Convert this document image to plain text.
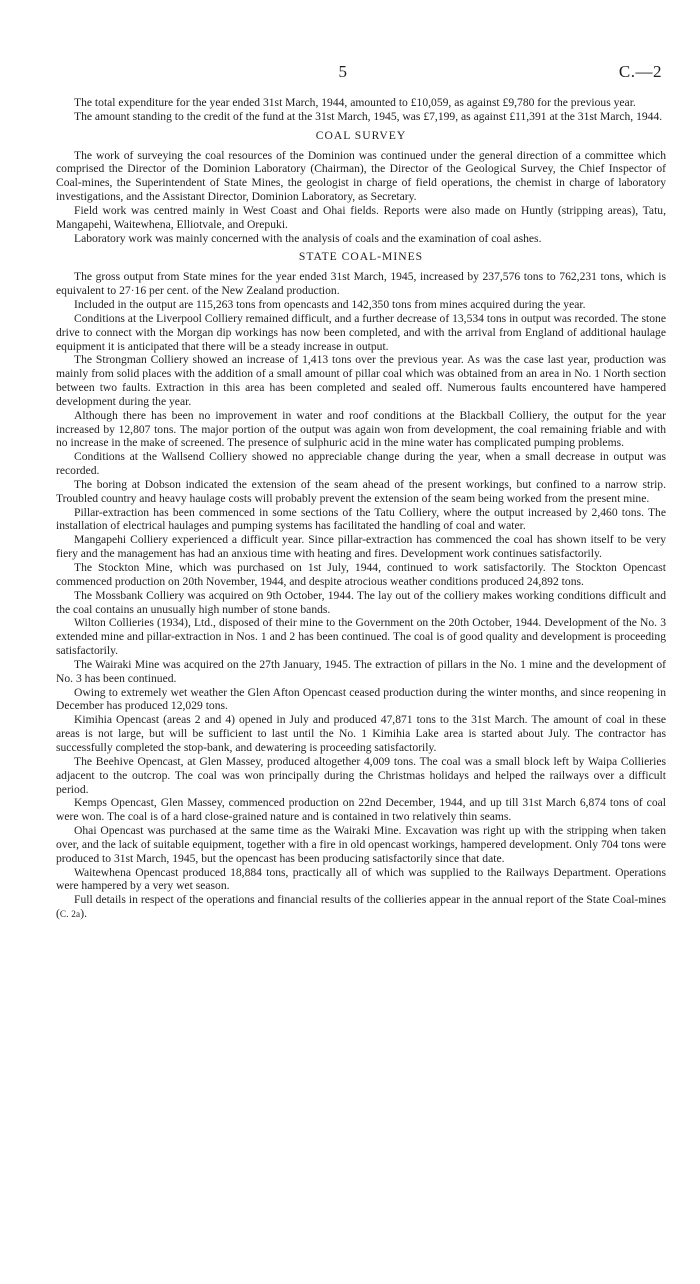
5	C.—2

The total expenditure for the year ended 31st March, 1944, amounted to £10,059, as against £9,780 for the previous year.

The amount standing to the credit of the fund at the 31st March, 1945, was £7,199, as against £11,391 at the 31st March, 1944.

COAL SURVEY

The work of surveying the coal resources of the Dominion was continued under the general direction of a committee which comprised the Director of the Dominion Laboratory (Chairman), the Director of the Geological Survey, the Chief Inspector of Coal-mines, the Superintendent of State Mines, the geologist in charge of field operations, the chemist in charge of laboratory investigations, and the Assistant Director, Dominion Laboratory, as Secretary.

Field work was centred mainly in West Coast and Ohai fields. Reports were also made on Huntly (stripping areas), Tatu, Mangapehi, Waitewhena, Elliotvale, and Orepuki.

Laboratory work was mainly concerned with the analysis of coals and the examination of coal ashes.

STATE COAL-MINES

The gross output from State mines for the year ended 31st March, 1945, increased by 237,576 tons to 762,231 tons, which is equivalent to 27·16 per cent. of the New Zealand production.

Included in the output are 115,263 tons from opencasts and 142,350 tons from mines acquired during the year.

Conditions at the Liverpool Colliery remained difficult, and a further decrease of 13,534 tons in output was recorded. The stone drive to connect with the Morgan dip workings has now been completed, and with the arrival from England of additional haulage equipment it is anticipated that there will be a steady increase in output.

The Strongman Colliery showed an increase of 1,413 tons over the previous year. As was the case last year, production was mainly from solid places with the addition of a small amount of pillar coal which was obtained from an area in No. 1 North section between two faults. Extraction in this area has been completed and sealed off. Numerous faults encountered have hampered development during the year.

Although there has been no improvement in water and roof conditions at the Blackball Colliery, the output for the year increased by 12,807 tons. The major portion of the output was again won from development, the coal remaining friable and with no increase in the make of screened. The presence of sulphuric acid in the mine water has complicated pumping problems.

Conditions at the Wallsend Colliery showed no appreciable change during the year, when a small decrease in output was recorded.

The boring at Dobson indicated the extension of the seam ahead of the present workings, but confined to a narrow strip. Troubled country and heavy haulage costs will probably prevent the extension of the seam being worked from the present mine.

Pillar-extraction has been commenced in some sections of the Tatu Colliery, where the output increased by 2,460 tons. The installation of electrical haulages and pumping systems has facilitated the handling of coal and water.

Mangapehi Colliery experienced a difficult year. Since pillar-extraction has commenced the coal has shown itself to be very fiery and the management has had an anxious time with heating and fires. Development work continues satisfactorily.

The Stockton Mine, which was purchased on 1st July, 1944, continued to work satisfactorily. The Stockton Opencast commenced production on 20th November, 1944, and despite atrocious weather conditions produced 24,892 tons.

The Mossbank Colliery was acquired on 9th October, 1944. The lay out of the colliery makes working conditions difficult and the coal contains an unusually high number of stone bands.

Wilton Collieries (1934), Ltd., disposed of their mine to the Government on the 20th October, 1944. Development of the No. 3 extended mine and pillar-extraction in Nos. 1 and 2 has been continued. The coal is of good quality and development is proceeding satisfactorily.

The Wairaki Mine was acquired on the 27th January, 1945. The extraction of pillars in the No. 1 mine and the development of No. 3 has been continued.

Owing to extremely wet weather the Glen Afton Opencast ceased production during the winter months, and since reopening in December has produced 12,029 tons.

Kimihia Opencast (areas 2 and 4) opened in July and produced 47,871 tons to the 31st March. The amount of coal in these areas is not large, but will be sufficient to last until the No. 1 Kimihia Lake area is started about July. The contractor has successfully completed the stop-bank, and dewatering is proceeding satisfactorily.

The Beehive Opencast, at Glen Massey, produced altogether 4,009 tons. The coal was a small block left by Waipa Collieries adjacent to the outcrop. The coal was won principally during the Christmas holidays and helped the railways over a difficult period.

Kemps Opencast, Glen Massey, commenced production on 22nd December, 1944, and up till 31st March 6,874 tons of coal were won. The coal is of a hard close-grained nature and is contained in two relatively thin seams.

Ohai Opencast was purchased at the same time as the Wairaki Mine. Excavation was right up with the stripping when taken over, and the lack of suitable equipment, together with a fire in old opencast workings, hampered development. Only 704 tons were produced to 31st March, 1945, but the opencast has been producing satisfactorily since that date.

Waitewhena Opencast produced 18,884 tons, practically all of which was supplied to the Railways Department. Operations were hampered by a very wet season.

Full details in respect of the operations and financial results of the collieries appear in the annual report of the State Coal-mines (C. 2a).
